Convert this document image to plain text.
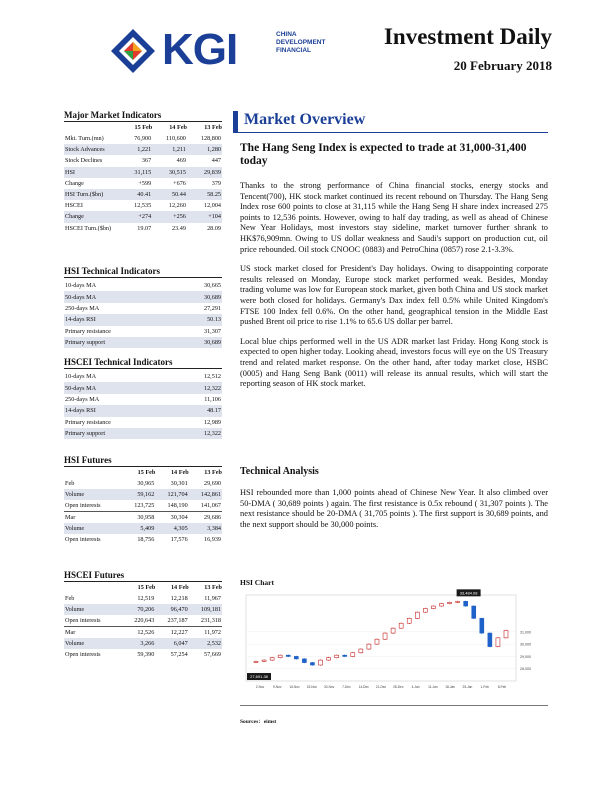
KGI	CHINA
DEVELOPMENT
FINANCIAL
Investment Daily
20 February 2018
Major Market Indicators
	15 Feb	14 Feb	13 Feb
Mkt. Turn.(mn)	76,900	110,600	128,800
Stock Advances	1,221	1,211	1,280
Stock Declines	367	469	447
HSI	31,115	30,515	29,839
Change	+599	+676	379
HSI Turn.($bn)	40.41	50.44	58.25
HSCEI	12,535	12,260	12,004
Change	+274	+256	+104
HSCEI Turn.($bn)	19.07	23.49	28.09
HSI Technical Indicators
10-days MA	30,665
50-days MA	30,689
250-days MA	27,291
14-days RSI	50.13
Primary resistance	31,307
Primary support	30,689
HSCEI Technical Indicators
10-days MA	12,512
50-days MA	12,322
250-days MA	11,106
14-days RSI	48.17
Primary resistance	12,989
Primary support	12,322
HSI Futures
	15 Feb	14 Feb	13 Feb
Feb	30,965	30,301	29,690
Volume	59,162	121,704	142,861
Open interests	123,725	148,190	141,067
Mar	30,958	30,304	29,686
Volume	5,409	4,305	3,384
Open interests	18,756	17,576	16,939
HSCEI Futures
	15 Feb	14 Feb	13 Feb
Feb	12,519	12,218	11,967
Volume	70,206	96,470	109,181
Open interests	220,643	237,187	231,318
Mar	12,526	12,227	11,972
Volume	3,266	6,047	2,532
Open interests	59,390	57,254	57,669
Market Overview
The Hang Seng Index is expected to trade at 31,000-31,400 today

Thanks to the strong performance of China financial stocks, energy stocks and Tencent(700), HK stock market continued its recent rebound on Thursday. The Hang Seng Index rose 600 points to close at 31,115 while the Hang Seng H share index increased 275 points to 12,536 points. However, owing to half day trading, as well as ahead of Chinese New Year Holidays, most investors stay sideline, market turnover further shrank to HK$76,909mn. Owing to US dollar weakness and Saudi's support on production cut, oil price rebounded. Oil stock CNOOC (0883) and PetroChina (0857) rose 2.1-3.3%.

US stock market closed for President's Day holidays. Owing to disappointing corporate results released on Monday, Europe stock market performed weak. Besides, Monday trading volume was low for European stock market, given both China and US stock market were both closed for holidays. Germany's Dax index fell 0.5% while United Kingdom's FTSE 100 Index fell 0.6%. On the other hand, geographical tension in the Middle East pushed Brent oil price to rise 1.1% to 65.6 US dollar per barrel.

Local blue chips performed well in the US ADR market last Friday. Hong Kong stock is expected to open higher today. Looking ahead, investors focus will eye on the US Treasury trend and related market response. On the other hand, after today market close, HSBC (0005) and Hang Seng Bank (0011) will release its annual results, which will start the reporting season of HK stock market.

Technical Analysis

HSI rebounded more than 1,000 points ahead of Chinese New Year. It also climbed over 50-DMA ( 30,689 points ) again. The first resistance is 0.5x rebound ( 31,307 points ). The next resistance should be 20-DMA ( 31,705 points ). The first support is 30,689 points, and the next support should be 30,000 points.

HSI Chart
31,000
30,000
29,000
28,000
2-Nov	9-Nov 16-Nov 23-Nov 30-Nov 7-Dec 14-Dec 21-Dec 28-Dec	4-Jan	11-Jan 18-Jan 25-Jan	1-Feb	8-Feb
33,484.08
27,691.38
Sources：eimst
